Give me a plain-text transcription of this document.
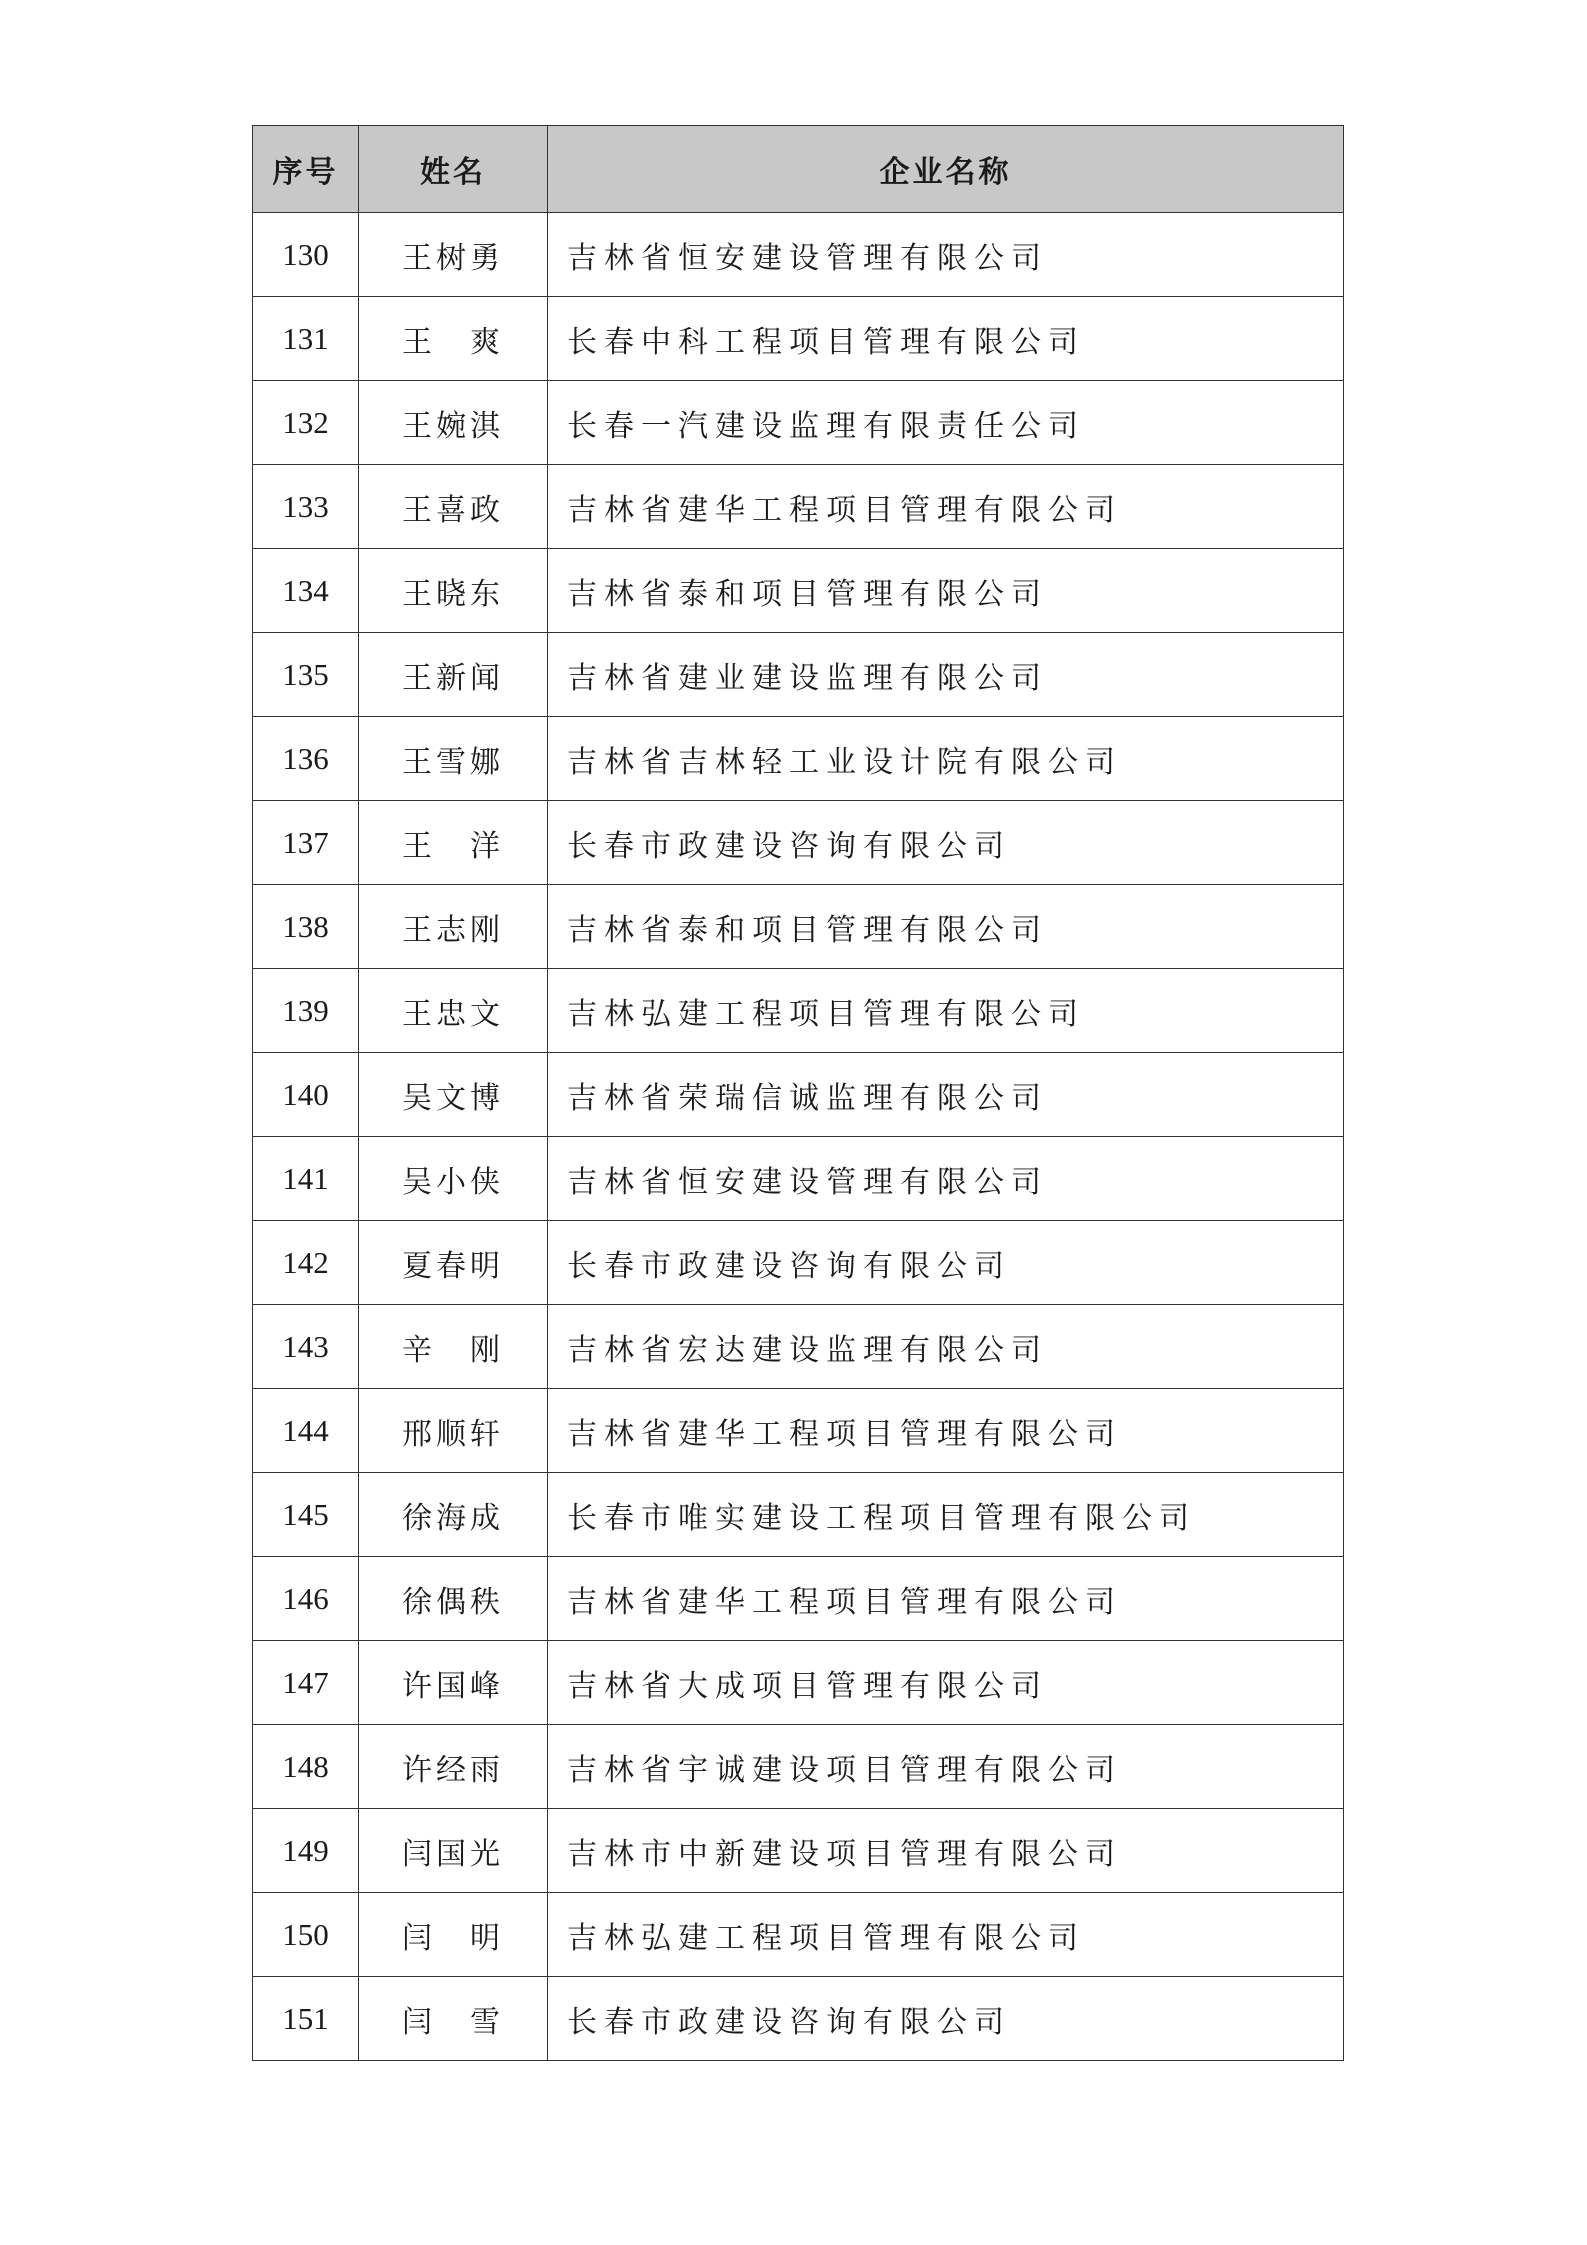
序号	姓名	企业名称
130	王树勇	吉林省恒安建设管理有限公司
131	王　爽	长春中科工程项目管理有限公司
132	王婉淇	长春一汽建设监理有限责任公司
133	王喜政	吉林省建华工程项目管理有限公司
134	王晓东	吉林省泰和项目管理有限公司
135	王新闻	吉林省建业建设监理有限公司
136	王雪娜	吉林省吉林轻工业设计院有限公司
137	王　洋	长春市政建设咨询有限公司
138	王志刚	吉林省泰和项目管理有限公司
139	王忠文	吉林弘建工程项目管理有限公司
140	吴文博	吉林省荣瑞信诚监理有限公司
141	吴小侠	吉林省恒安建设管理有限公司
142	夏春明	长春市政建设咨询有限公司
143	辛　刚	吉林省宏达建设监理有限公司
144	邢顺轩	吉林省建华工程项目管理有限公司
145	徐海成	长春市唯实建设工程项目管理有限公司
146	徐偶秩	吉林省建华工程项目管理有限公司
147	许国峰	吉林省大成项目管理有限公司
148	许经雨	吉林省宇诚建设项目管理有限公司
149	闫国光	吉林市中新建设项目管理有限公司
150	闫　明	吉林弘建工程项目管理有限公司
151	闫　雪	长春市政建设咨询有限公司
